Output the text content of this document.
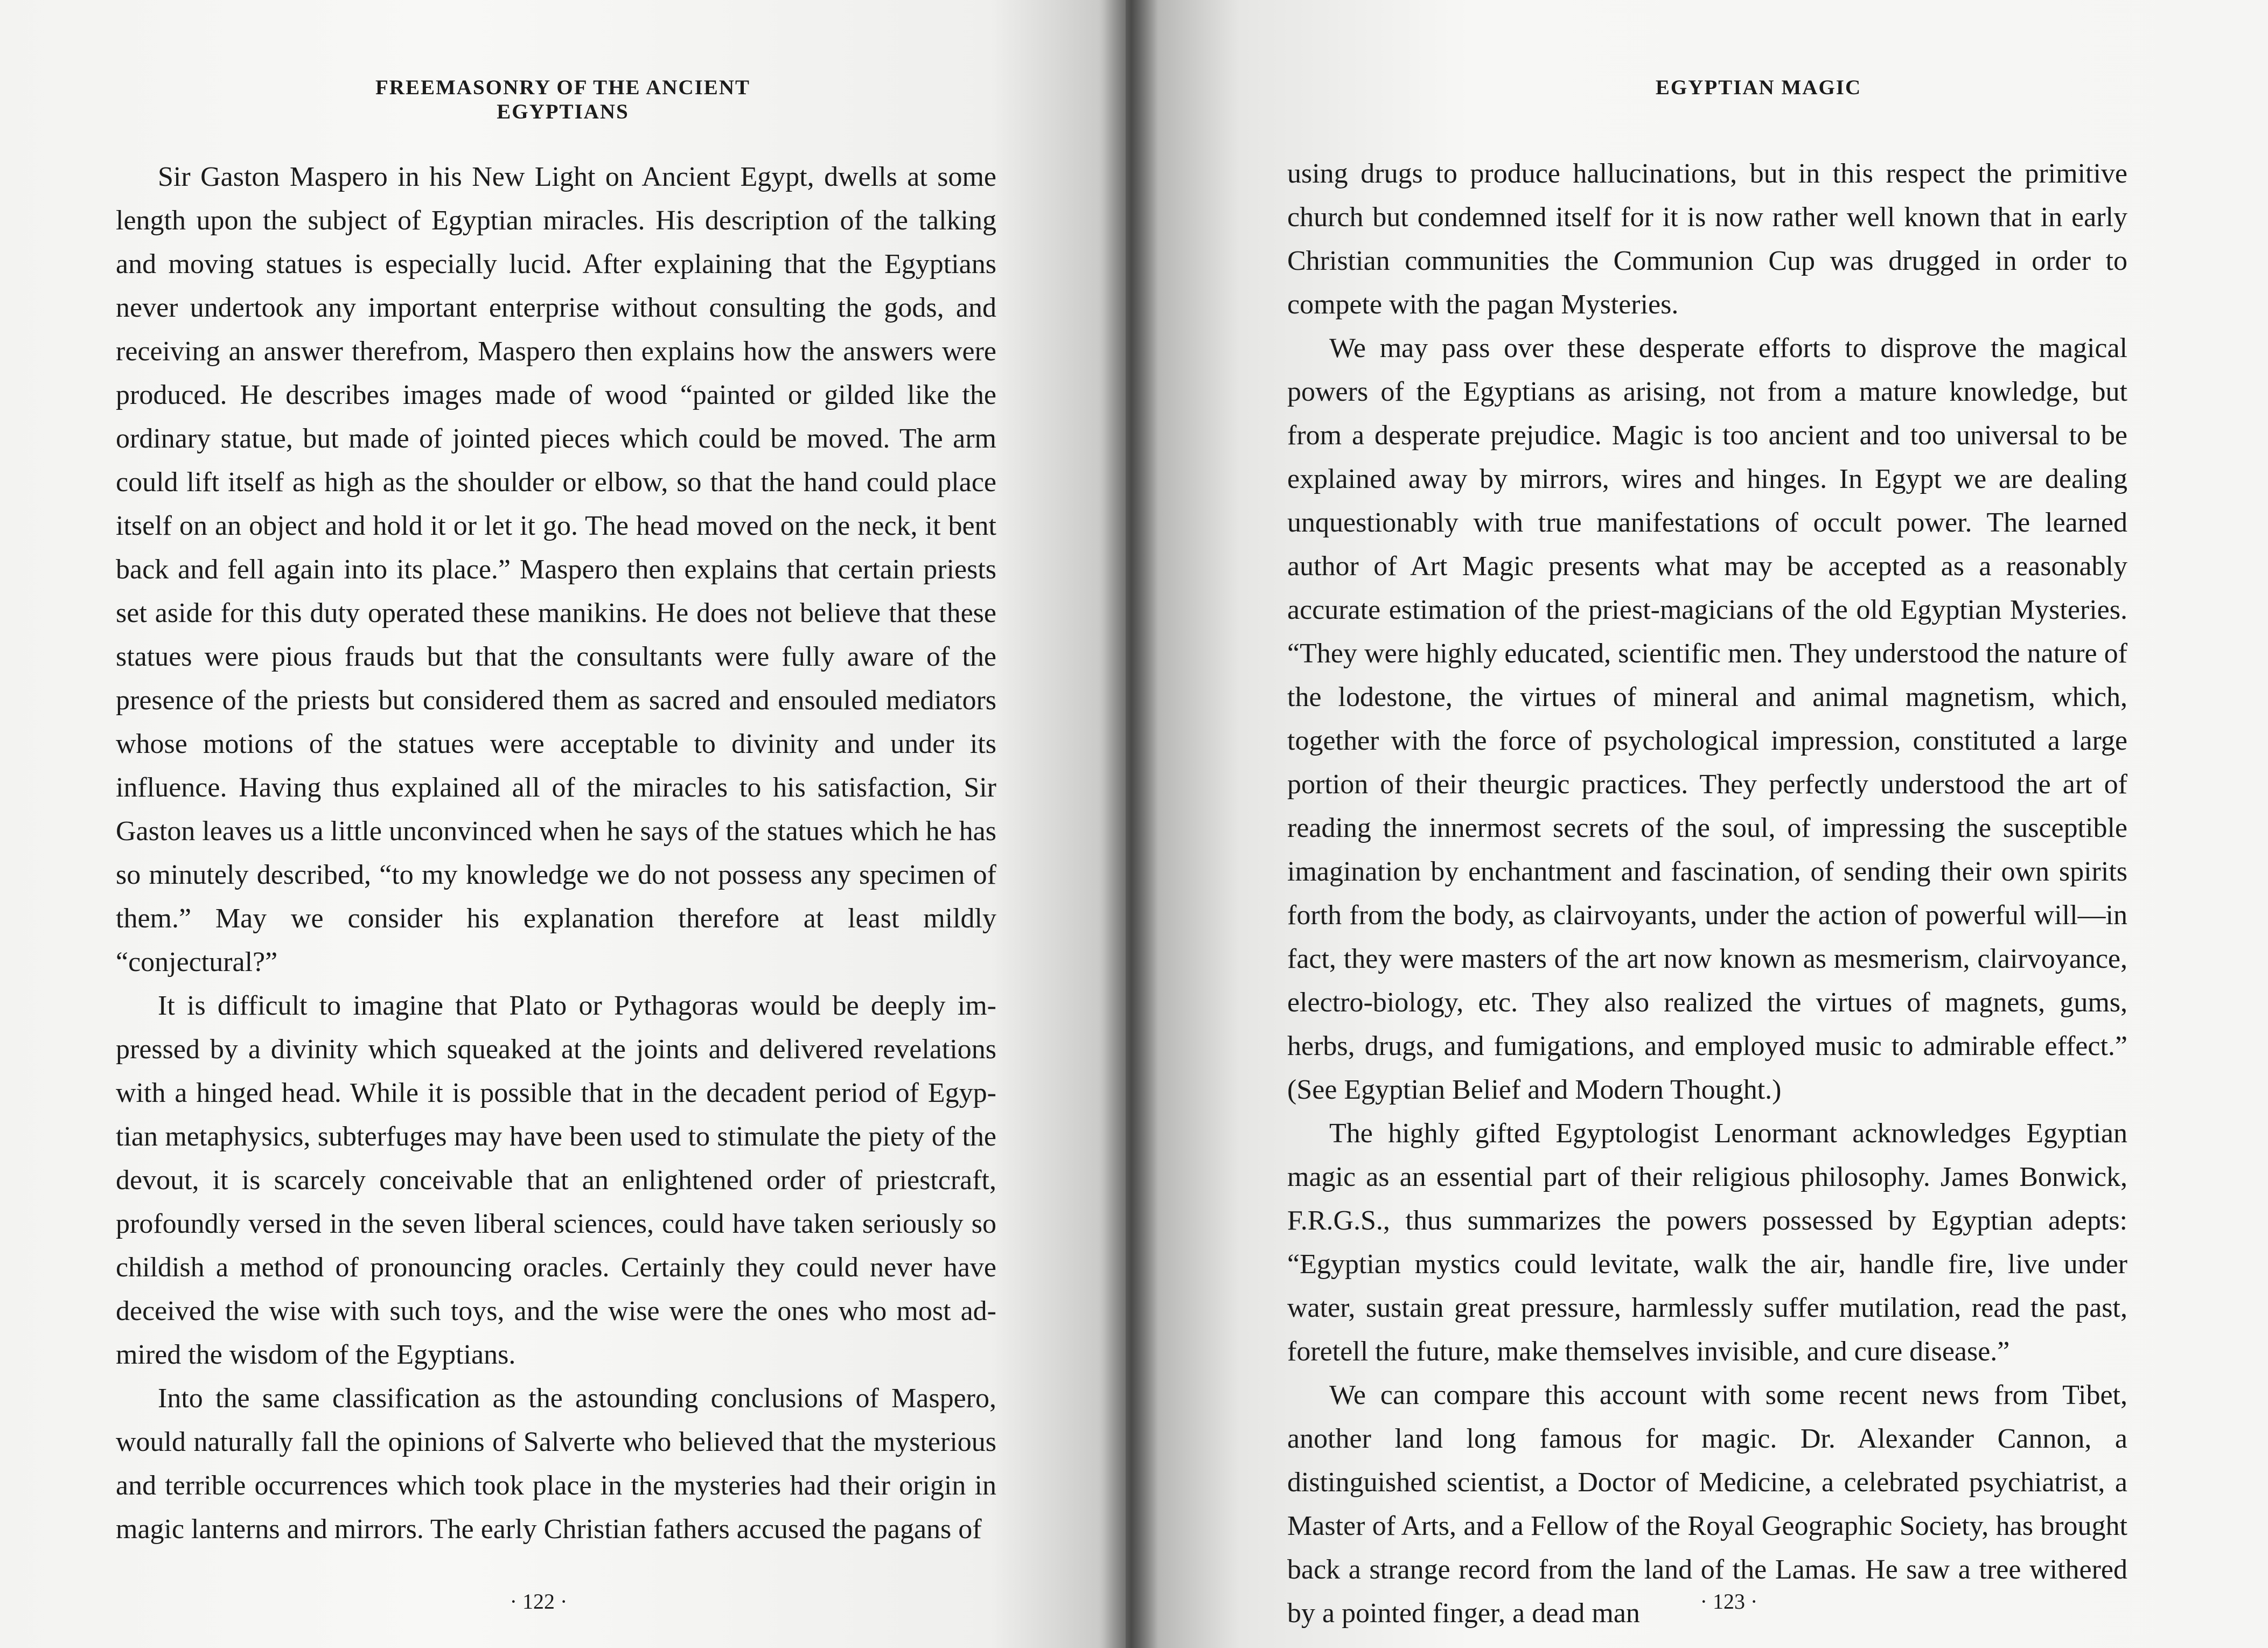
FREEMASONRY OF THE ANCIENT EGYPTIANS

Sir Gaston Maspero in his New Light on Ancient Egypt, dwells at some length upon the subject of Egyptian miracles. His description of the talking and moving statues is especially lucid. After explaining that the Egyptians never undertook any important enterprise without consulting the gods, and receiving an answer therefrom, Maspero then explains how the answers were produced. He describes images made of wood “painted or gilded like the ordinary statue, but made of jointed pieces which could be moved. The arm could lift itself as high as the shoulder or elbow, so that the hand could place itself on an object and hold it or let it go. The head moved on the neck, it bent back and fell again into its place.” Maspero then explains that certain priests set aside for this duty operated these manikins. He does not believe that these statues were pious frauds but that the consultants were fully aware of the presence of the priests but considered them as sacred and ensouled mediators whose motions of the statues were acceptable to divinity and under its influence. Having thus explained all of the miracles to his satisfaction, Sir Gaston leaves us a little unconvinced when he says of the statues which he has so minutely described, “to my knowledge we do not possess any specimen of them.” May we consider his explanation therefore at least mildly “conjectural?”

It is difficult to imagine that Plato or Pythagoras would be deeply impressed by a divinity which squeaked at the joints and delivered revelations with a hinged head. While it is possible that in the decadent period of Egyptian metaphysics, subterfuges may have been used to stimulate the piety of the devout, it is scarcely conceivable that an enlightened order of priestcraft, profoundly versed in the seven liberal sciences, could have taken seriously so childish a method of pronouncing oracles. Certainly they could never have deceived the wise with such toys, and the wise were the ones who most admired the wisdom of the Egyptians.

Into the same classification as the astounding conclusions of Maspero, would naturally fall the opinions of Salverte who believed that the mysterious and terrible occurrences which took place in the mysteries had their origin in magic lanterns and mirrors. The early Christian fathers accused the pagans of

· 122 ·
EGYPTIAN MAGIC

using drugs to produce hallucinations, but in this respect the primitive church but condemned itself for it is now rather well known that in early Christian communities the Communion Cup was drugged in order to compete with the pagan Mysteries.

We may pass over these desperate efforts to disprove the magical powers of the Egyptians as arising, not from a mature knowledge, but from a desperate prejudice. Magic is too ancient and too universal to be explained away by mirrors, wires and hinges. In Egypt we are dealing unquestionably with true manifestations of occult power. The learned author of Art Magic presents what may be accepted as a reasonably accurate estimation of the priest-magicians of the old Egyptian Mysteries. “They were highly educated, scientific men. They understood the nature of the lodestone, the virtues of mineral and animal magnetism, which, together with the force of psychological impression, constituted a large portion of their theurgic practices. They perfectly understood the art of reading the innermost secrets of the soul, of impressing the susceptible imagination by enchantment and fascination, of sending their own spirits forth from the body, as clairvoyants, under the action of powerful will—in fact, they were masters of the art now known as mesmerism, clairvoyance, electro-biology, etc. They also realized the virtues of magnets, gums, herbs, drugs, and fumigations, and employed music to admirable effect.” (See Egyptian Belief and Modern Thought.)

The highly gifted Egyptologist Lenormant acknowledges Egyptian magic as an essential part of their religious philosophy. James Bonwick, F.R.G.S., thus summarizes the powers possessed by Egyptian adepts: “Egyptian mystics could levitate, walk the air, handle fire, live under water, sustain great pressure, harmlessly suffer mutilation, read the past, foretell the future, make themselves invisible, and cure disease.”

We can compare this account with some recent news from Tibet, another land long famous for magic. Dr. Alexander Cannon, a distinguished scientist, a Doctor of Medicine, a celebrated psychiatrist, a Master of Arts, and a Fellow of the Royal Geographic Society, has brought back a strange record from the land of the Lamas. He saw a tree withered by a pointed finger, a dead man	· 123 ·
